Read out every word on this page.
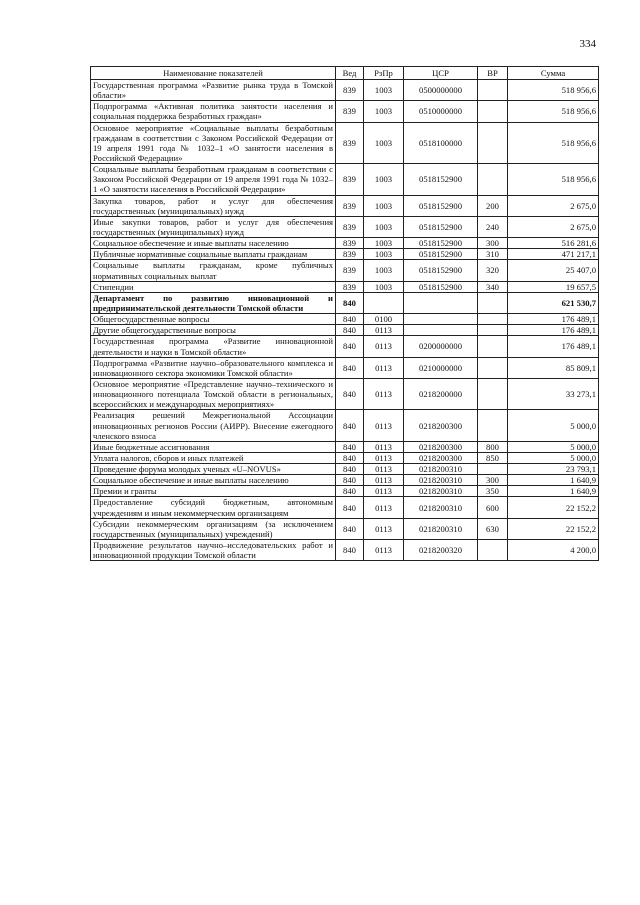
334
Наименование показателей	Вед	РзПр	ЦСР	ВР	Сумма
Государственная программа «Развитие рынка труда в Томской области»	839	1003	0500000000		518 956,6
Подпрограмма «Активная политика занятости населения и социальная поддержка безработных граждан»	839	1003	0510000000		518 956,6
Основное мероприятие «Социальные выплаты безработным гражданам в соответствии с Законом Российской Федерации от 19 апреля 1991 года № 1032–1 «О занятости населения в Российской Федерации»	839	1003	0518100000		518 956,6
Социальные выплаты безработным гражданам в соответствии с Законом Российской Федерации от 19 апреля 1991 года № 1032–1 «О занятости населения в Российской Федерации»	839	1003	0518152900		518 956,6
Закупка товаров, работ и услуг для обеспечения государственных (муниципальных) нужд	839	1003	0518152900	200	2 675,0
Иные закупки товаров, работ и услуг для обеспечения государственных (муниципальных) нужд	839	1003	0518152900	240	2 675,0
Социальное обеспечение и иные выплаты населению	839	1003	0518152900	300	516 281,6
Публичные нормативные социальные выплаты гражданам	839	1003	0518152900	310	471 217,1
Социальные выплаты гражданам, кроме публичных нормативных социальных выплат	839	1003	0518152900	320	25 407,0
Стипендии	839	1003	0518152900	340	19 657,5
Департамент по развитию инновационной и предпринимательской деятельности Томской области	840				621 530,7
Общегосударственные вопросы	840	0100			176 489,1
Другие общегосударственные вопросы	840	0113			176 489,1
Государственная программа «Развитие инновационной деятельности и науки в Томской области»	840	0113	0200000000		176 489,1
Подпрограмма «Развитие научно–образовательного комплекса и инновационного сектора экономики Томской области»	840	0113	0210000000		85 809,1
Основное мероприятие «Представление научно–технического и инновационного потенциала Томской области в региональных, всероссийских и международных мероприятиях»	840	0113	0218200000		33 273,1
Реализация решений Межрегиональной Ассоциации инновационных регионов России (АИРР). Внесение ежегодного членского взноса	840	0113	0218200300		5 000,0
Иные бюджетные ассигнования	840	0113	0218200300	800	5 000,0
Уплата налогов, сборов и иных платежей	840	0113	0218200300	850	5 000,0
Проведение форума молодых ученых «U–NOVUS»	840	0113	0218200310		23 793,1
Социальное обеспечение и иные выплаты населению	840	0113	0218200310	300	1 640,9
Премии и гранты	840	0113	0218200310	350	1 640,9
Предоставление субсидий бюджетным, автономным учреждениям и иным некоммерческим организациям	840	0113	0218200310	600	22 152,2
Субсидии некоммерческим организациям (за исключением государственных (муниципальных) учреждений)	840	0113	0218200310	630	22 152,2
Продвижение результатов научно–исследовательских работ и инновационной продукции Томской области	840	0113	0218200320		4 200,0
